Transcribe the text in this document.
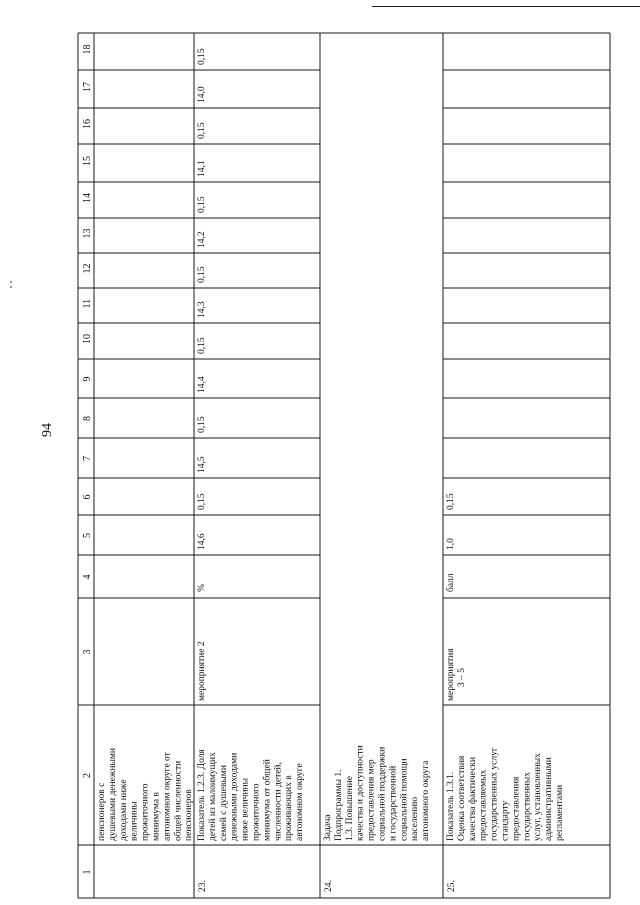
94
1
2
3
4
5
6
7
8
9
10
11
12
13
14
15
16
17
18
пенсионеров с душевыми денежными доходами ниже величины прожиточного минимума в автономном округе от общей численности пенсионеров
23.
Показатель 1.2.3. Доля детей из малоимущих семей с душевыми денежными доходами ниже величины прожиточного минимума от общей численности детей, проживающих в автономном округе
мероприятие 2
%
14,6
0,15
14,5
0,15
14,4
0,15
14,3
0,15
14,2
0,15
14,1
0,15
14,0
0,15
24.
Задача Подпрограммы 1. 1.3. Повышение качества и доступности предоставления мер социальной поддержки и государственной социальной помощи населению автономного округа
25.
Показатель 1.3.1. Оценка соответствия качества фактически предоставляемых государственных услуг стандарту предоставления государственных услуг, установленных административными регламентами
мероприятия 3 – 5
балл
1,0
0,15
